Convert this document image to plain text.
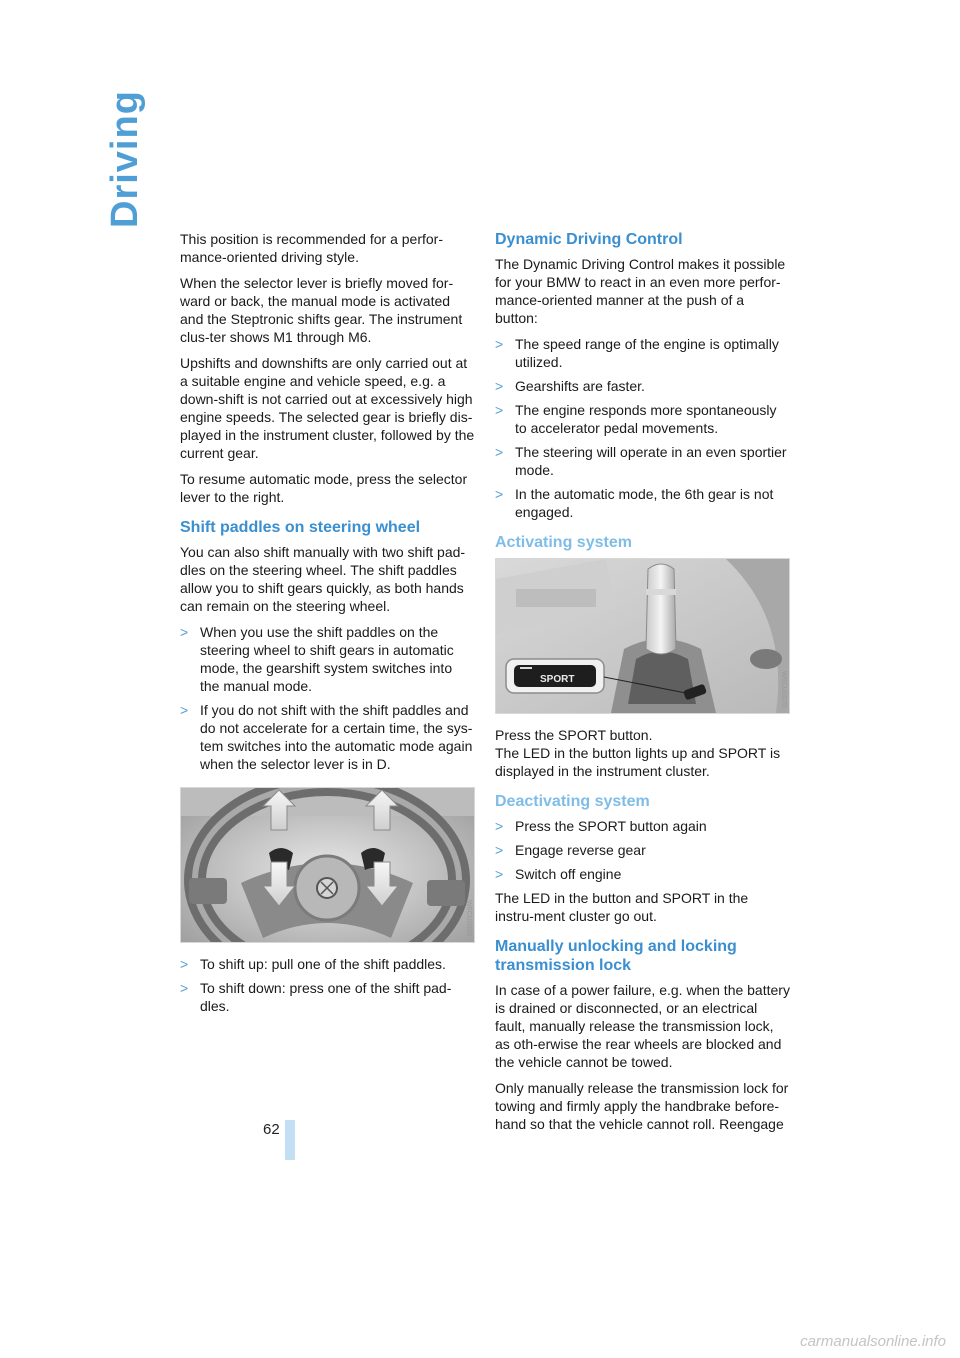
Driving

This position is recommended for a perfor-mance-oriented driving style.

When the selector lever is briefly moved for-ward or back, the manual mode is activated and the Steptronic shifts gear. The instrument clus-ter shows M1 through M6.

Upshifts and downshifts are only carried out at a suitable engine and vehicle speed, e.g. a down-shift is not carried out at excessively high engine speeds. The selected gear is briefly dis-played in the instrument cluster, followed by the current gear.

To resume automatic mode, press the selector lever to the right.

Shift paddles on steering wheel

You can also shift manually with two shift pad-dles on the steering wheel. The shift paddles allow you to shift gears quickly, as both hands can remain on the steering wheel.

> When you use the shift paddles on the steering wheel to shift gears in automatic mode, the gearshift system switches into the manual mode.
> If you do not shift with the shift paddles and do not accelerate for a certain time, the sys-tem switches into the automatic mode again when the selector lever is in D.
W6CU0060
> To shift up: pull one of the shift paddles.
> To shift down: press one of the shift pad-dles.
Dynamic Driving Control

The Dynamic Driving Control makes it possible for your BMW to react in an even more perfor-mance-oriented manner at the push of a button:

> The speed range of the engine is optimally utilized.
> Gearshifts are faster.
> The engine responds more spontaneously to accelerator pedal movements.
> The steering will operate in an even sportier mode.
> In the automatic mode, the 6th gear is not engaged.
Activating system
SPORT	W6CU0070

Press the SPORT button.

The LED in the button lights up and SPORT is displayed in the instrument cluster.

Deactivating system
> Press the SPORT button again
> Engage reverse gear
> Switch off engine

The LED in the button and SPORT in the instru-ment cluster go out.

Manually unlocking and locking transmission lock

In case of a power failure, e.g. when the battery is drained or disconnected, or an electrical fault, manually release the transmission lock, as oth-erwise the rear wheels are blocked and the vehicle cannot be towed.

Only manually release the transmission lock for towing and firmly apply the handbrake before-hand so that the vehicle cannot roll. Reengage

62
carmanualsonline.info
